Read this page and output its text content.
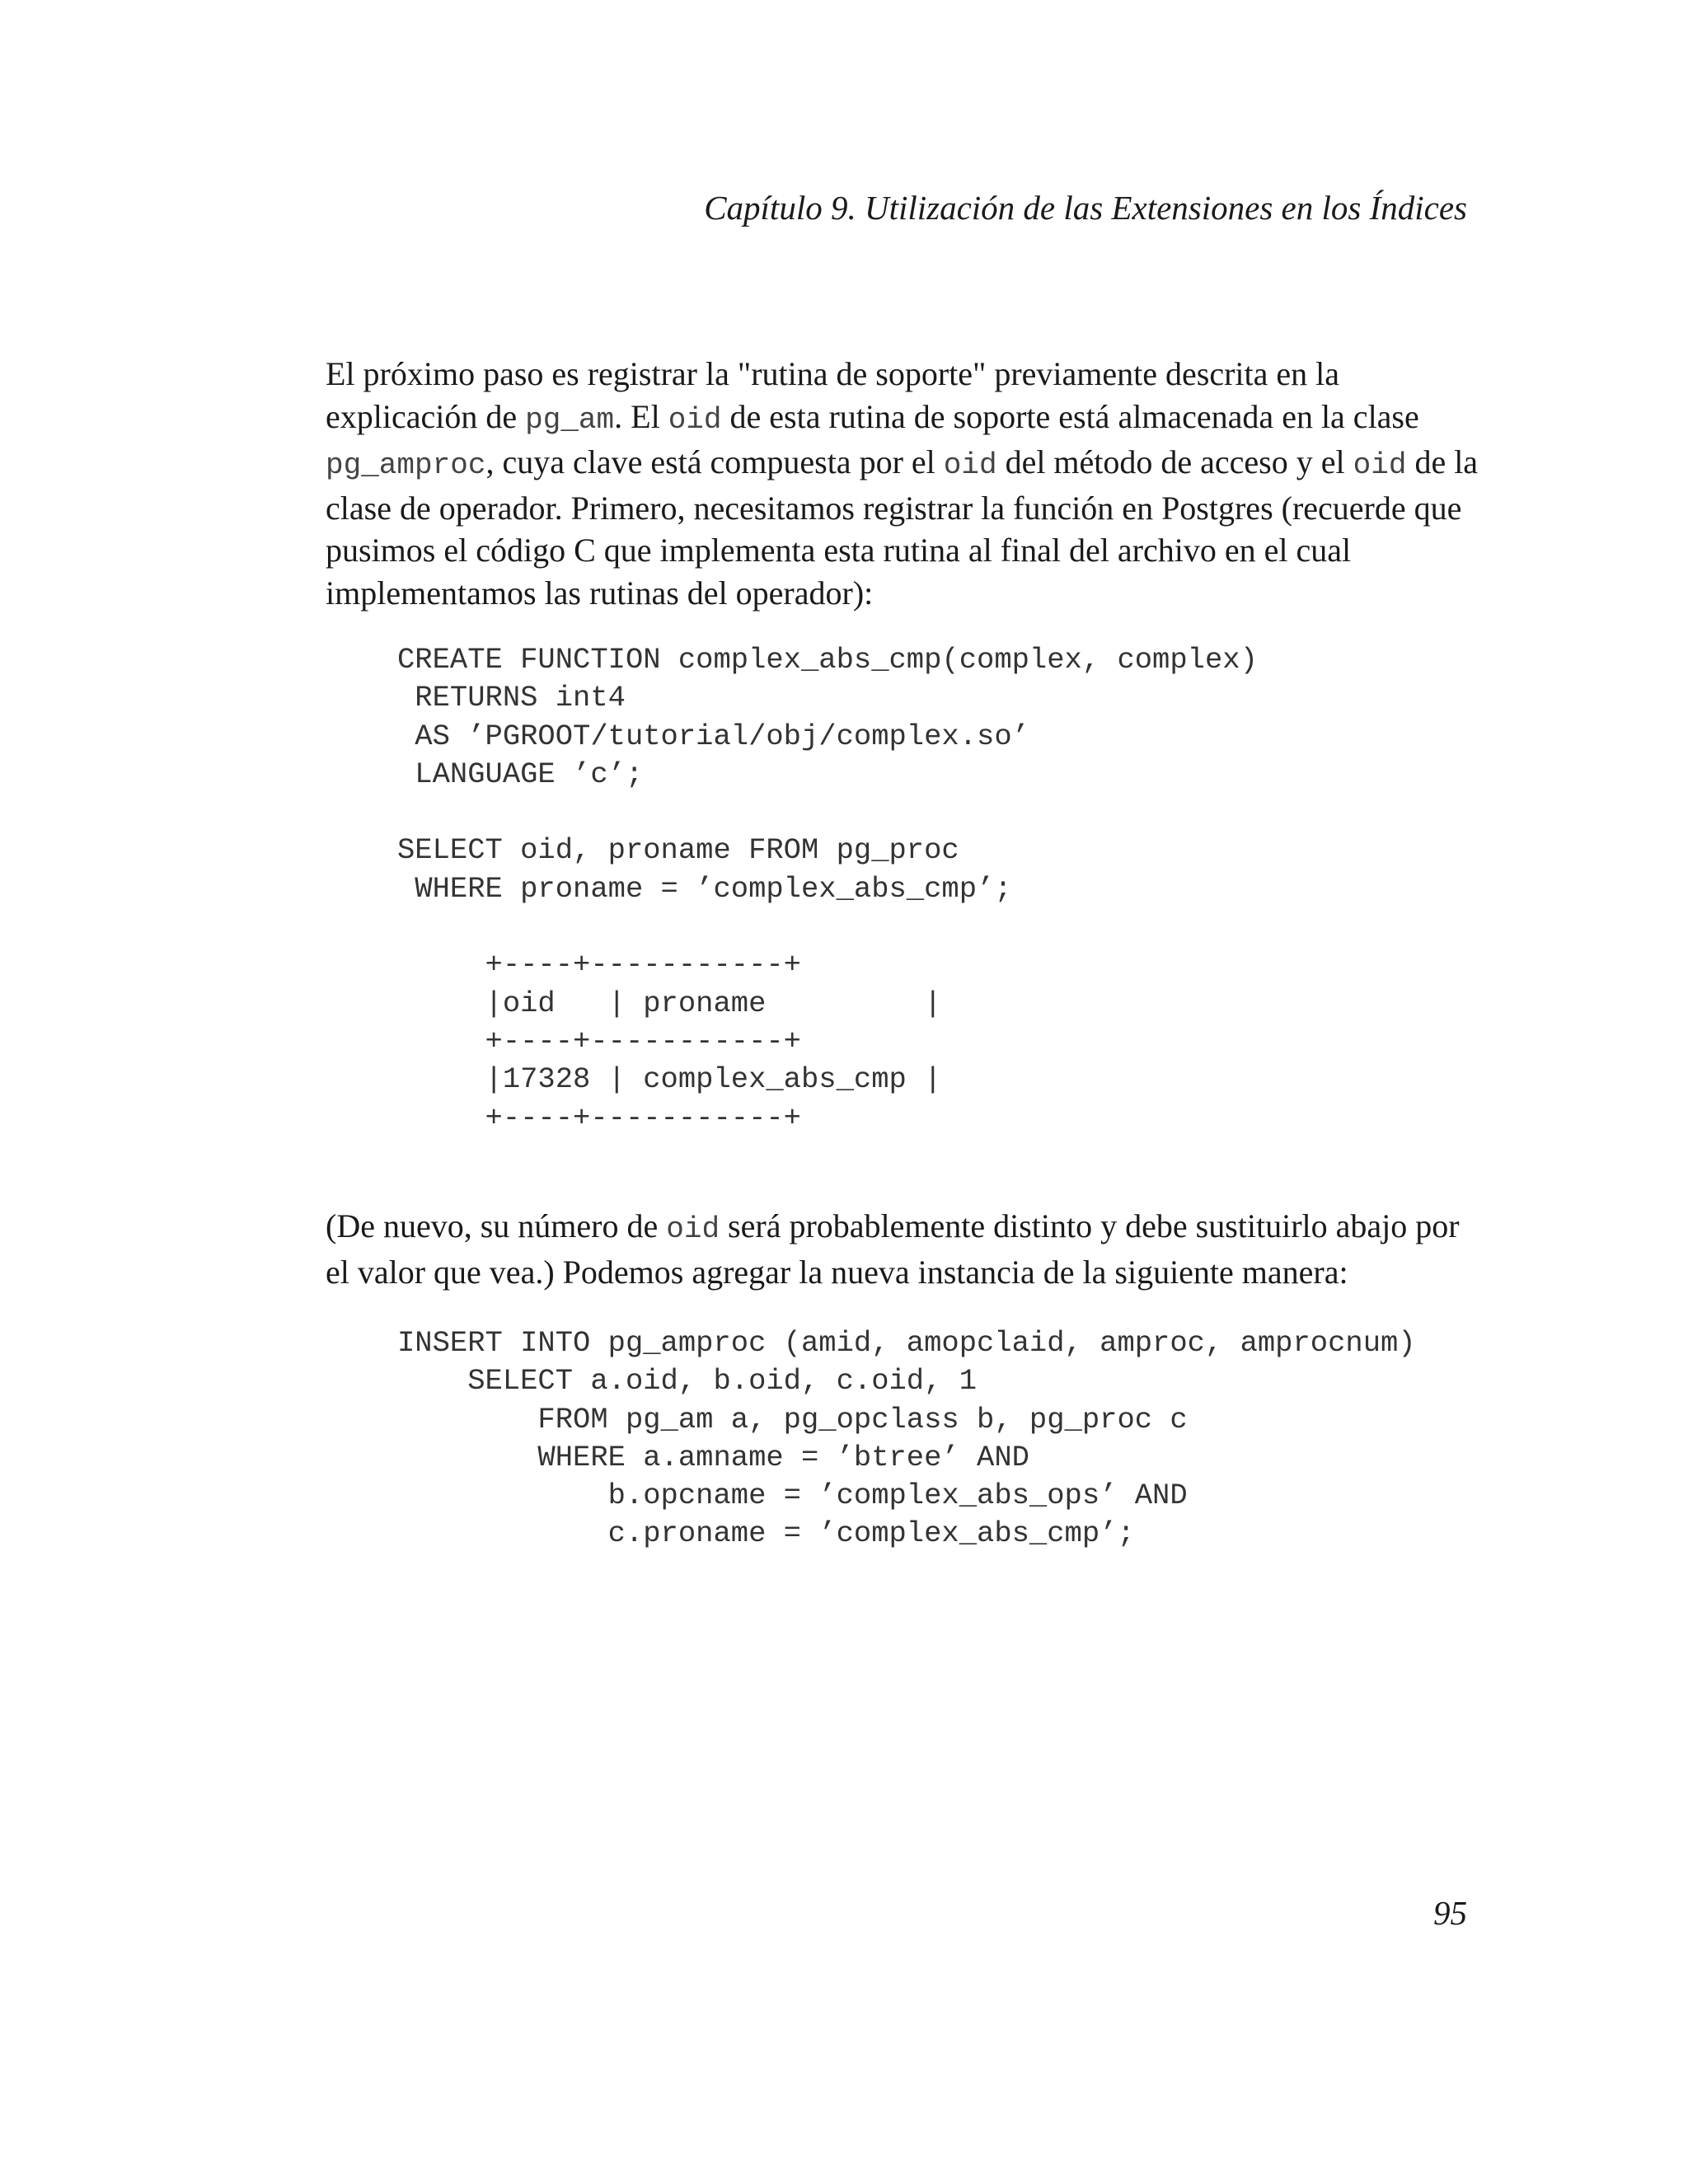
Capítulo 9. Utilización de las Extensiones en los Índices

El próximo paso es registrar la "rutina de soporte" previamente descrita en la
explicación de pg_am. El oid de esta rutina de soporte está almacenada en la clase
pg_amproc, cuya clave está compuesta por el oid del método de acceso y el oid de la
clase de operador. Primero, necesitamos registrar la función en Postgres (recuerde que
pusimos el código C que implementa esta rutina al final del archivo en el cual
implementamos las rutinas del operador):

CREATE FUNCTION complex_abs_cmp(complex, complex)
RETURNS int4
AS ’PGROOT/tutorial/obj/complex.so’
LANGUAGE ’c’;

SELECT oid, proname FROM pg_proc
WHERE proname = ’complex_abs_cmp’;

+----+-----------+
|oid   | proname         |
+----+-----------+
|17328 | complex_abs_cmp |
+----+-----------+

(De nuevo, su número de oid será probablemente distinto y debe sustituirlo abajo por
el valor que vea.) Podemos agregar la nueva instancia de la siguiente manera:

INSERT INTO pg_amproc (amid, amopclaid, amproc, amprocnum)
SELECT a.oid, b.oid, c.oid, 1
FROM pg_am a, pg_opclass b, pg_proc c
WHERE a.amname = ’btree’ AND
b.opcname = ’complex_abs_ops’ AND
c.proname = ’complex_abs_cmp’;
95
